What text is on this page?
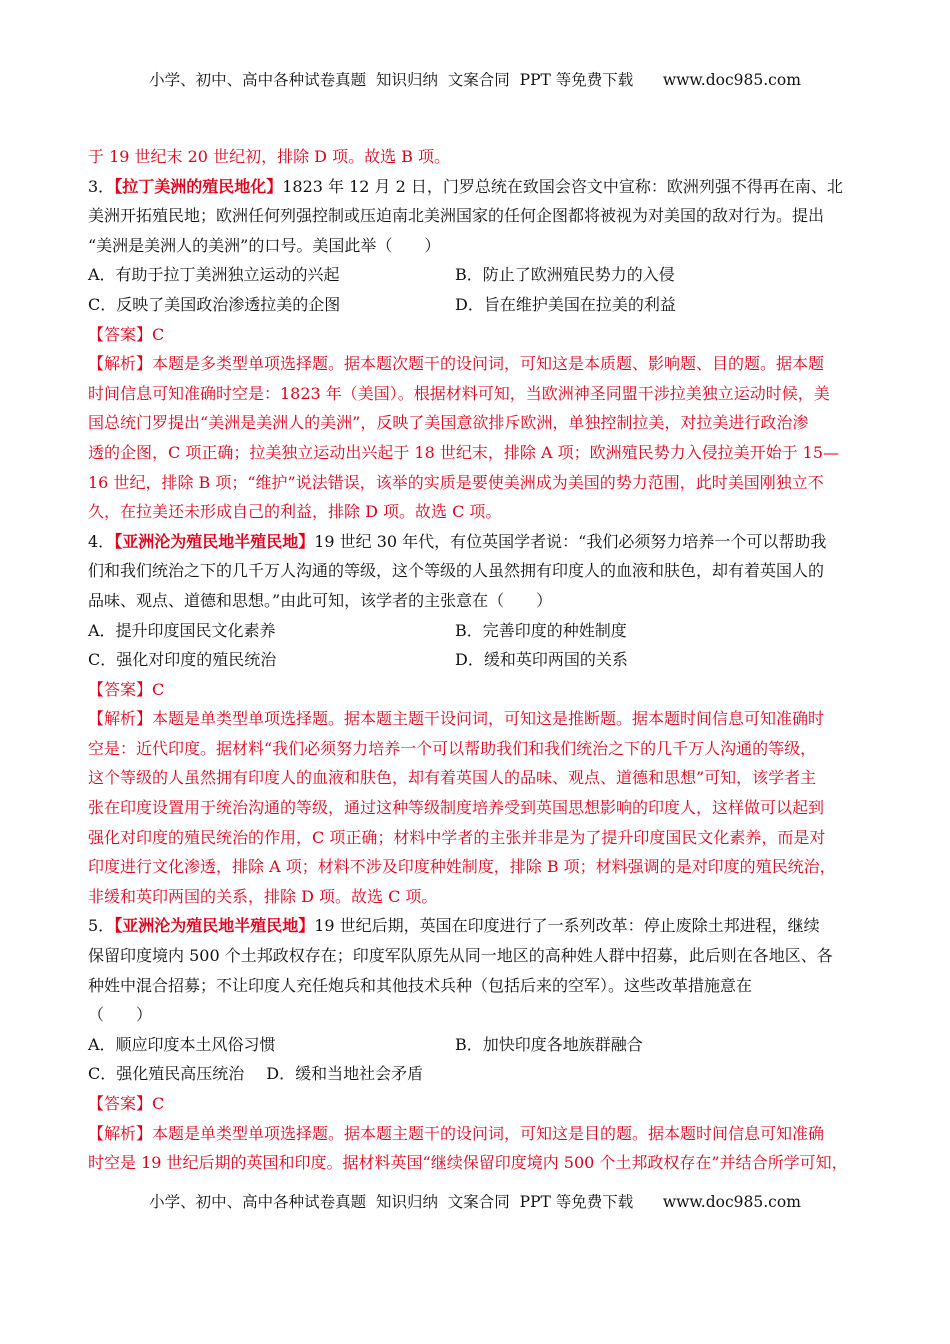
小学、初中、高中各种试卷真题  知识归纳  文案合同  PPT 等免费下载      www.doc985.com

于 19 世纪末 20 世纪初，排除 D 项。故选 B 项。

3．【拉丁美洲的殖民地化】1823 年 12 月 2 日，门罗总统在致国会咨文中宣称：欧洲列强不得再在南、北

美洲开拓殖民地；欧洲任何列强控制或压迫南北美洲国家的任何企图都将被视为对美国的敌对行为。提出

“美洲是美洲人的美洲”的口号。美国此举（　　）

A．有助于拉丁美洲独立运动的兴起	B．防止了欧洲殖民势力的入侵
C．反映了美国政治渗透拉美的企图	D．旨在维护美国在拉美的利益

【答案】C

【解析】本题是多类型单项选择题。据本题次题干的设问词，可知这是本质题、影响题、目的题。据本题

时间信息可知准确时空是：1823 年（美国）。根据材料可知，当欧洲神圣同盟干涉拉美独立运动时候，美

国总统门罗提出“美洲是美洲人的美洲”，反映了美国意欲排斥欧洲，单独控制拉美，对拉美进行政治渗

透的企图，C 项正确；拉美独立运动出兴起于 18 世纪末，排除 A 项；欧洲殖民势力入侵拉美开始于 15—

16 世纪，排除 B 项；“维护”说法错误，该举的实质是要使美洲成为美国的势力范围，此时美国刚独立不

久，在拉美还未形成自己的利益，排除 D 项。故选 C 项。

4．【亚洲沦为殖民地半殖民地】19 世纪 30 年代，有位英国学者说：“我们必须努力培养一个可以帮助我

们和我们统治之下的几千万人沟通的等级，这个等级的人虽然拥有印度人的血液和肤色，却有着英国人的

品味、观点、道德和思想。”由此可知，该学者的主张意在（　　）

A．提升印度国民文化素养	B．完善印度的种姓制度
C．强化对印度的殖民统治	D．缓和英印两国的关系

【答案】C

【解析】本题是单类型单项选择题。据本题主题干设问词，可知这是推断题。据本题时间信息可知准确时

空是：近代印度。据材料“我们必须努力培养一个可以帮助我们和我们统治之下的几千万人沟通的等级，

这个等级的人虽然拥有印度人的血液和肤色，却有着英国人的品味、观点、道德和思想”可知，该学者主

张在印度设置用于统治沟通的等级，通过这种等级制度培养受到英国思想影响的印度人，这样做可以起到

强化对印度的殖民统治的作用，C 项正确；材料中学者的主张并非是为了提升印度国民文化素养，而是对

印度进行文化渗透，排除 A 项；材料不涉及印度种姓制度，排除 B 项；材料强调的是对印度的殖民统治，

非缓和英印两国的关系，排除 D 项。故选 C 项。

5．【亚洲沦为殖民地半殖民地】19 世纪后期，英国在印度进行了一系列改革：停止废除土邦进程，继续

保留印度境内 500 个土邦政权存在；印度军队原先从同一地区的高种姓人群中招募，此后则在各地区、各

种姓中混合招募；不让印度人充任炮兵和其他技术兵种（包括后来的空军）。这些改革措施意在

（　　）

A．顺应印度本土风俗习惯	B．加快印度各地族群融合
C．强化殖民高压统治 D．缓和当地社会矛盾

【答案】C

【解析】本题是单类型单项选择题。据本题主题干的设问词，可知这是目的题。据本题时间信息可知准确

时空是 19 世纪后期的英国和印度。据材料英国“继续保留印度境内 500 个土邦政权存在”并结合所学可知，

小学、初中、高中各种试卷真题  知识归纳  文案合同  PPT 等免费下载      www.doc985.com
